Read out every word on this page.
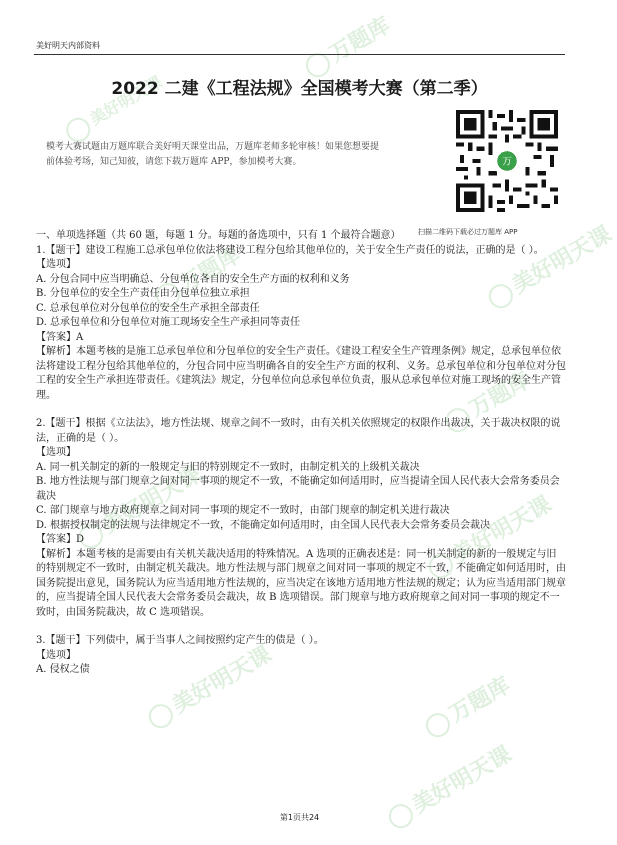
万题库
美好明天课
美好明天课
万题库
万题库
美好明天课	美好明天课
美好明天课	万题库
美好明天课
美好明天内部资料
2022 二建《工程法规》全国模考大赛（第二季）
模考大赛试题由万题库联合美好明天课堂出品，万题库老师多轮审核！如果您想要提前体验考场，知己知彼，请您下载万题库 APP，参加模考大赛。	万
扫描二维码下载必过万题库 APP

一、单项选择题（共 60 题，每题 1 分。每题的备选项中，只有 1 个最符合题意）

1.【题干】建设工程施工总承包单位依法将建设工程分包给其他单位的，关于安全生产责任的说法，正确的是（ ）。

【选项】

A. 分包合同中应当明确总、分包单位各自的安全生产方面的权利和义务

B. 分包单位的安全生产责任由分包单位独立承担

C. 总承包单位对分包单位的安全生产承担全部责任

D. 总承包单位和分包单位对施工现场安全生产承担同等责任

【答案】A

【解析】本题考核的是施工总承包单位和分包单位的安全生产责任。《建设工程安全生产管理条例》规定，总承包单位依法将建设工程分包给其他单位的，分包合同中应当明确各自的安全生产方面的权利、义务。总承包单位和分包单位对分包工程的安全生产承担连带责任。《建筑法》规定，分包单位向总承包单位负责，服从总承包单位对施工现场的安全生产管理。

2.【题干】根据《立法法》，地方性法规、规章之间不一致时，由有关机关依照规定的权限作出裁决，关于裁决权限的说法，正确的是（ ）。

【选项】

A. 同一机关制定的新的一般规定与旧的特别规定不一致时，由制定机关的上级机关裁决

B. 地方性法规与部门规章之间对同一事项的规定不一致，不能确定如何适用时，应当提请全国人民代表大会常务委员会裁决

C. 部门规章与地方政府规章之间对同一事项的规定不一致时，由部门规章的制定机关进行裁决

D. 根据授权制定的法规与法律规定不一致，不能确定如何适用时，由全国人民代表大会常务委员会裁决

【答案】D

【解析】本题考核的是需要由有关机关裁决适用的特殊情况。A 选项的正确表述是：同一机关制定的新的一般规定与旧的特别规定不一致时，由制定机关裁决。地方性法规与部门规章之间对同一事项的规定不一致，不能确定如何适用时，由国务院提出意见，国务院认为应当适用地方性法规的，应当决定在该地方适用地方性法规的规定；认为应当适用部门规章的，应当提请全国人民代表大会常务委员会裁决，故 B 选项错误。部门规章与地方政府规章之间对同一事项的规定不一致时，由国务院裁决，故 C 选项错误。

3.【题干】下列债中，属于当事人之间按照约定产生的债是（ ）。

【选项】

A. 侵权之债

第1页共24
